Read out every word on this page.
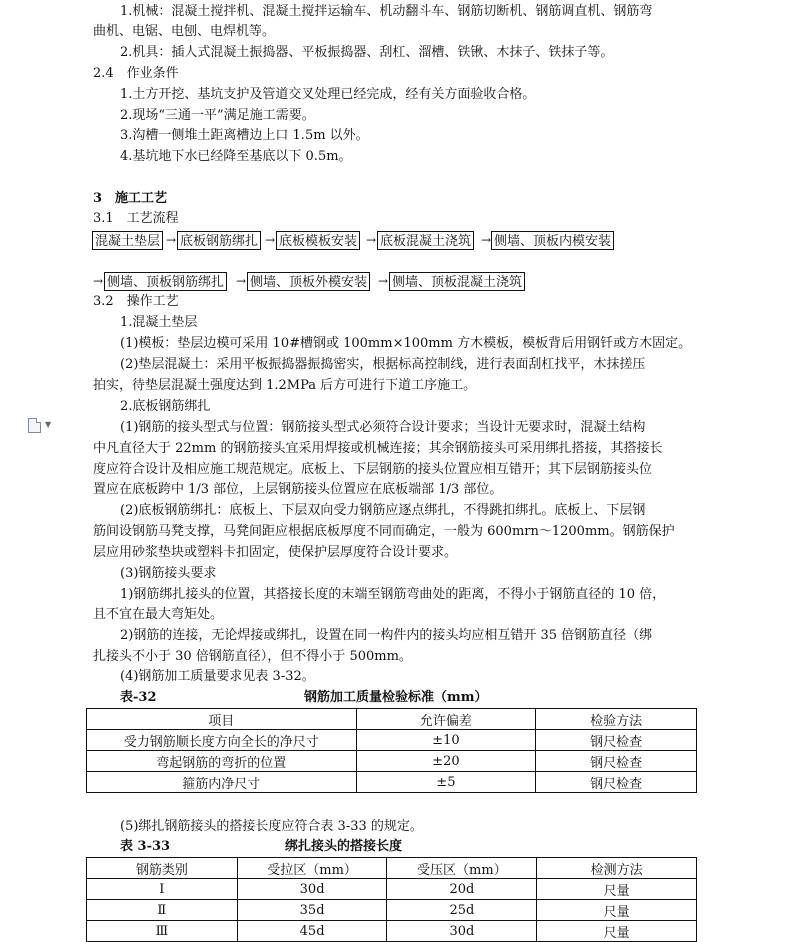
1.机械：混凝土搅拌机、混凝土搅拌运输车、机动翻斗车、钢筋切断机、钢筋调直机、钢筋弯
曲机、电锯、电刨、电焊机等。
2.机具：插人式混凝土振捣器、平板振捣器、刮杠、溜槽、铁锹、木抹子、铁抹子等。
2.4　作业条件
1.土方开挖、基坑支护及管道交叉处理已经完成，经有关方面验收合格。
2.现场“三通一平”满足施工需要。
3.沟槽一侧堆土距离槽边上口 1.5m 以外。
4.基坑地下水已经降至基底以下 0.5m。
3　施工工艺
3.1　工艺流程
混凝土垫层 → 底板钢筋绑扎 → 底板模板安装 → 底板混凝土浇筑 → 侧墙、顶板内模安装
→ 侧墙、顶板钢筋绑扎 → 侧墙、顶板外模安装 → 侧墙、顶板混凝土浇筑
3.2　操作工艺
1.混凝土垫层
(1)模板：垫层边模可采用 10#槽钢或 100mm×100mm 方木模板，模板背后用钢钎或方木固定。
(2)垫层混凝土：采用平板振捣器振捣密实，根据标高控制线，进行表面刮杠找平，木抹搓压
拍实，待垫层混凝土强度达到 1.2MPa 后方可进行下道工序施工。
2.底板钢筋绑扎
▼	(1)钢筋的接头型式与位置：钢筋接头型式必须符合设计要求；当设计无要求时，混凝土结构
中凡直径大于 22mm 的钢筋接头宜采用焊接或机械连接；其余钢筋接头可采用绑扎搭接，其搭接长
度应符合设计及相应施工规范规定。底板上、下层钢筋的接头位置应相互错开；其下层钢筋接头位
置应在底板跨中 1/3 部位，上层钢筋接头位置应在底板端部 1/3 部位。
(2)底板钢筋绑扎：底板上、下层双向受力钢筋应逐点绑扎，不得跳扣绑扎。底板上、下层钢
筋间设钢筋马凳支撑，马凳间距应根据底板厚度不同而确定，一般为 600mrn～1200mm。钢筋保护
层应用砂浆垫块或塑料卡扣固定，使保护层厚度符合设计要求。
(3)钢筋接头要求
1)钢筋绑扎接头的位置，其搭接长度的末端至钢筋弯曲处的距离，不得小于钢筋直径的 10 倍，
且不宜在最大弯矩处。
2)钢筋的连接，无论焊接或绑扎，设置在同一构件内的接头均应相互错开 35 倍钢筋直径（绑
扎接头不小于 30 倍钢筋直径），但不得小于 500mm。
(4)钢筋加工质量要求见表 3-32。
表-32	钢筋加工质量检验标准（mm）
项目	允许偏差	检验方法
受力钢筋顺长度方向全长的净尺寸	±10	钢尺检查
弯起钢筋的弯折的位置	±20	钢尺检查
箍筋内净尺寸	±5	钢尺检查
(5)绑扎钢筋接头的搭接长度应符合表 3-33 的规定。
表 3-33	绑扎接头的搭接长度
钢筋类别	受拉区（mm）	受压区（mm）	检测方法
Ⅰ	30d	20d	尺量
Ⅱ	35d	25d	尺量
Ⅲ	45d	30d	尺量
